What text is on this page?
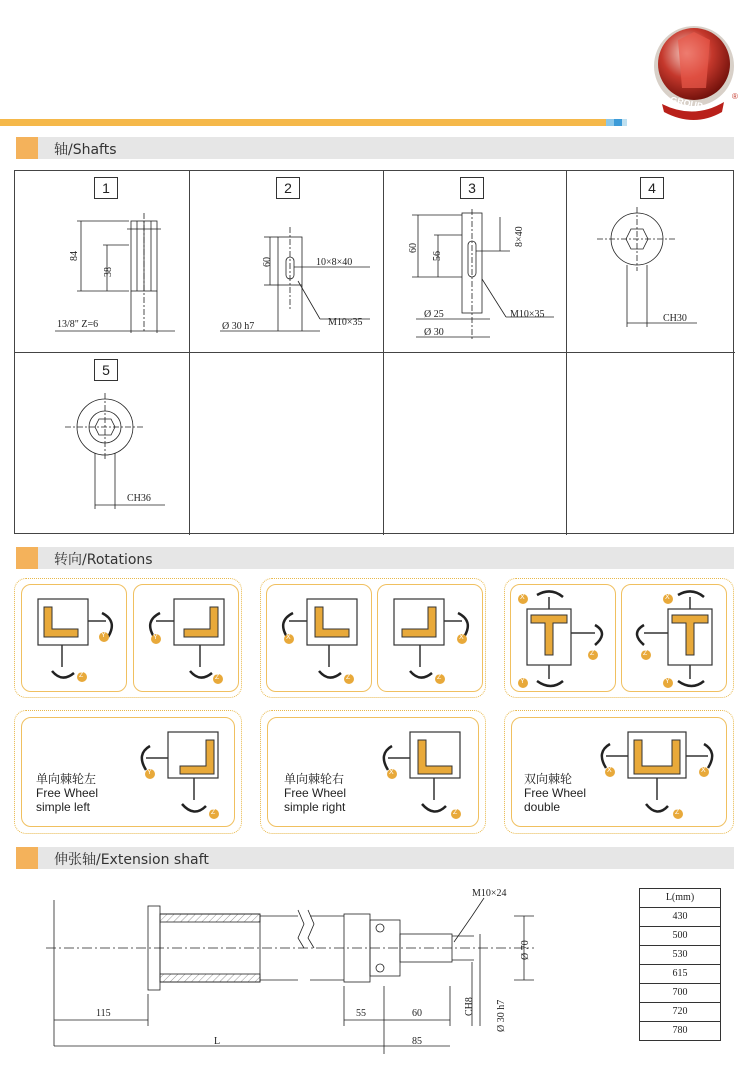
GROUP	®
轴/Shafts
1
84
38
13/8" Z=6
2
60	10×8×40
M10×35
Ø 30 h7
3
60
56
8×40
M10×35
Ø 25
Ø 30
4
CH30
5
CH36
转向/Rotations
Y
Z
Y
Z
X
Z
X
Z
X
Z
Y
X
Z
Y
单向棘轮左
Free Wheel
simple left
Y
Z
单向棘轮右
Free Wheel
simple right
X
Z
双向棘轮
Free Wheel
double
X	X
Z
伸张轴/Extension shaft
M10×24
115	55	60
L	85
CH8 Ø 30 h7
Ø 70
L(mm)
430
500
530
615
700
720
780
